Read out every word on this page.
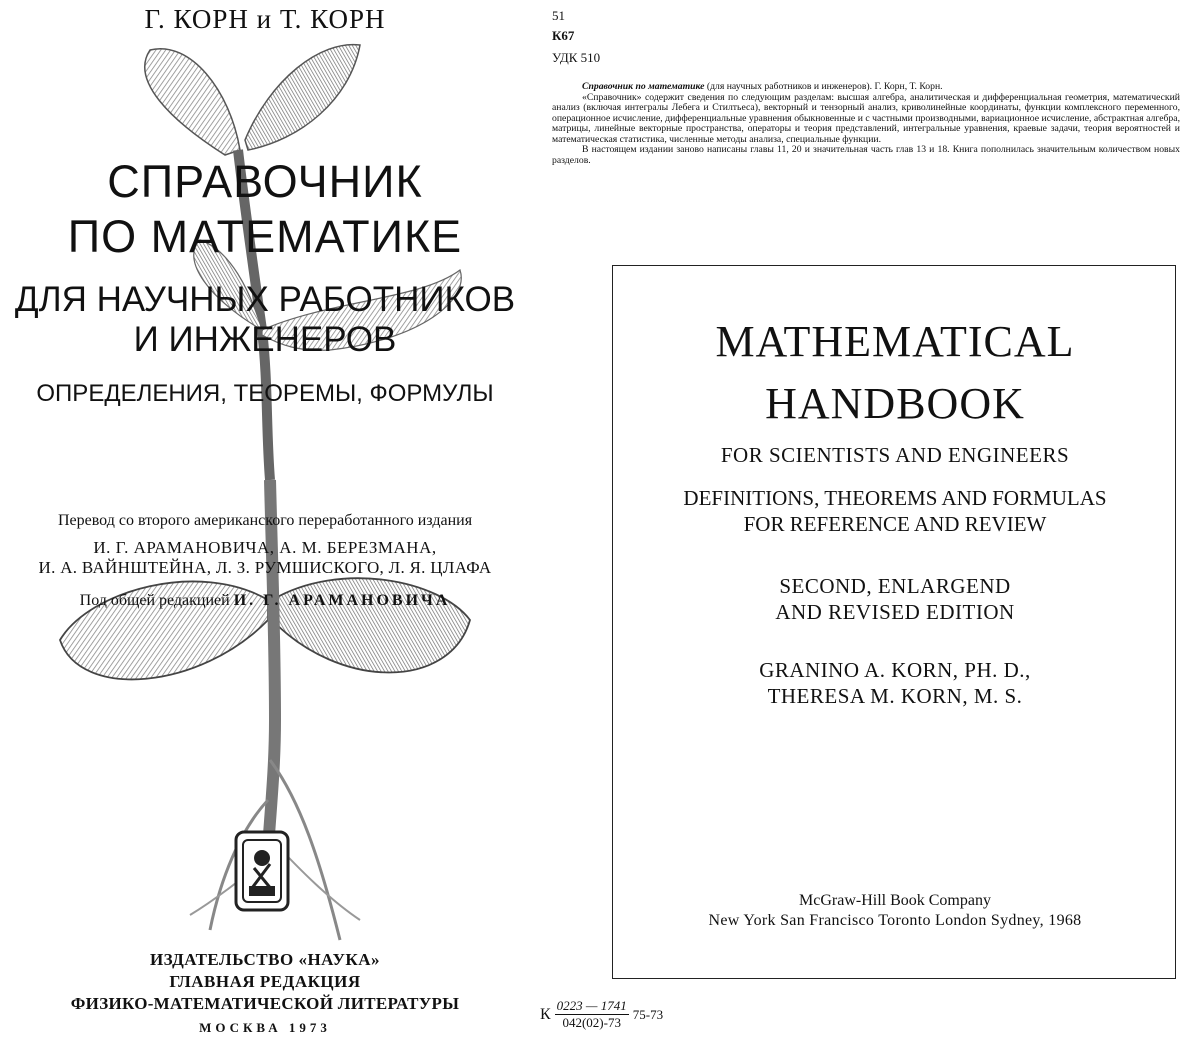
Г. КОРН и Т. КОРН
СПРАВОЧНИК
ПО МАТЕМАТИКЕ
ДЛЯ НАУЧНЫХ РАБОТНИКОВ
И ИНЖЕНЕРОВ
ОПРЕДЕЛЕНИЯ, ТЕОРЕМЫ, ФОРМУЛЫ
Перевод со второго американского переработанного издания
И. Г. АРАМАНОВИЧА, А. М. БЕРЕЗМАНА,
И. А. ВАЙНШТЕЙНА, Л. З. РУМШИСКОГО, Л. Я. ЦЛАФА
Под общей редакцией И. Г. АРАМАНОВИЧА
ИЗДАТЕЛЬСТВО «НАУКА»
ГЛАВНАЯ РЕДАКЦИЯ
ФИЗИКО-МАТЕМАТИЧЕСКОЙ ЛИТЕРАТУРЫ
МОСКВА 1973
51
К67
УДК 510

Справочник по математике (для научных работников и инженеров). Г. Корн, Т. Корн.

«Справочник» содержит сведения по следующим разделам: высшая алгебра, аналитическая и дифференциальная геометрия, математический анализ (включая интегралы Лебега и Стилтьеса), векторный и тензорный анализ, криволинейные координаты, функции комплексного переменного, операционное исчисление, дифференциальные уравнения обыкновенные и с частными производными, вариационное исчисление, абстрактная алгебра, матрицы, линейные векторные пространства, операторы и теория представлений, интегральные уравнения, краевые задачи, теория вероятностей и математическая статистика, численные методы анализа, специальные функции.

В настоящем издании заново написаны главы 11, 20 и значительная часть глав 13 и 18. Книга пополнилась значительным количеством новых разделов.

MATHEMATICAL
HANDBOOK
FOR SCIENTISTS AND ENGINEERS
DEFINITIONS, THEOREMS AND FORMULAS
FOR REFERENCE AND REVIEW
SECOND, ENLARGEND
AND REVISED EDITION
GRANINO A. KORN, PH. D.,
THERESA M. KORN, M. S.
McGraw-Hill Book Company
New York San Francisco Toronto London Sydney, 1968
К $\frac{0223 — 1741}{042(02)-73} 75-73$
